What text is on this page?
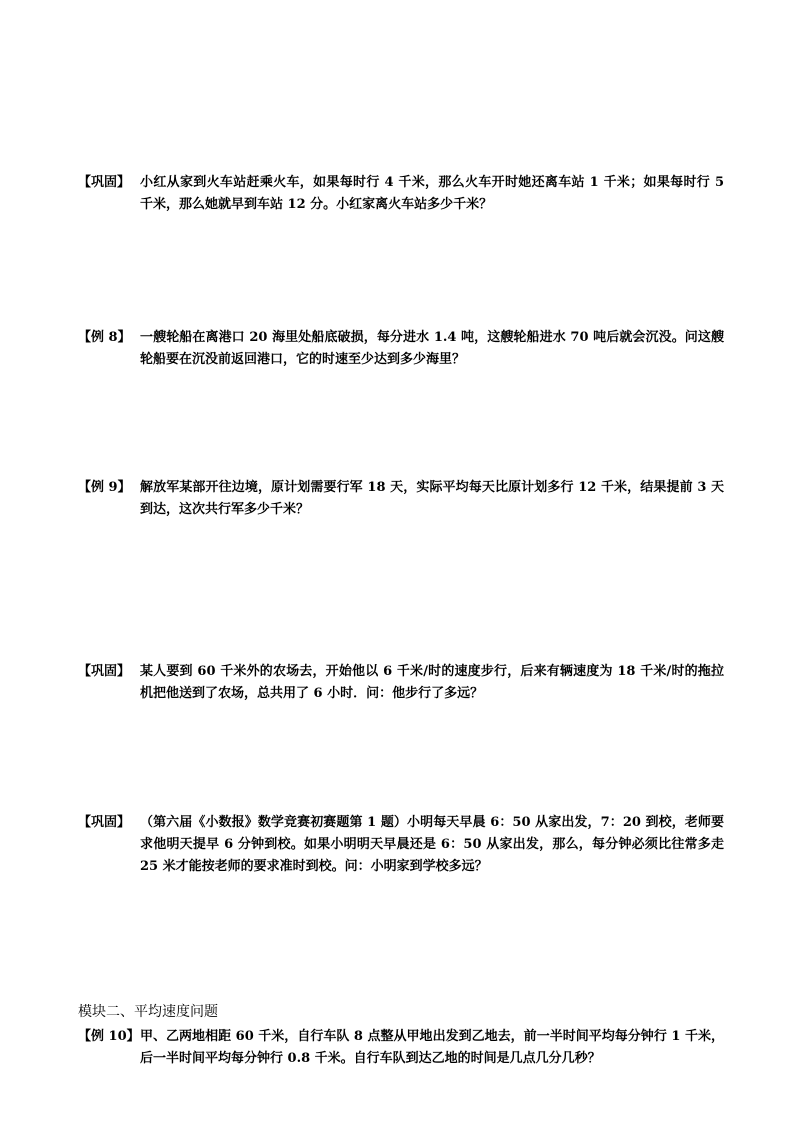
【巩固】 小红从家到火车站赶乘火车，如果每时行 4 千米，那么火车开时她还离车站 1 千米；如果每时行 5 千米，那么她就早到车站 12 分。小红家离火车站多少千米？
【例 8】 一艘轮船在离港口 20 海里处船底破损，每分进水 1.4 吨，这艘轮船进水 70 吨后就会沉没。问这艘轮船要在沉没前返回港口，它的时速至少达到多少海里？
【例 9】 解放军某部开往边境，原计划需要行军 18 天，实际平均每天比原计划多行 12 千米，结果提前 3 天到达，这次共行军多少千米？
【巩固】 某人要到 60 千米外的农场去，开始他以 6 千米/时的速度步行，后来有辆速度为 18 千米/时的拖拉机把他送到了农场，总共用了 6 小时．问：他步行了多远？
【巩固】 （第六届《小数报》数学竞赛初赛题第 1 题）小明每天早晨 6：50 从家出发，7：20 到校，老师要求他明天提早 6 分钟到校。如果小明明天早晨还是 6：50 从家出发，那么，每分钟必须比往常多走 25 米才能按老师的要求准时到校。问：小明家到学校多远？
模块二、平均速度问题
【例 10】 甲、乙两地相距 60 千米，自行车队 8 点整从甲地出发到乙地去，前一半时间平均每分钟行 1 千米，后一半时间平均每分钟行 0.8 千米。自行车队到达乙地的时间是几点几分几秒？
